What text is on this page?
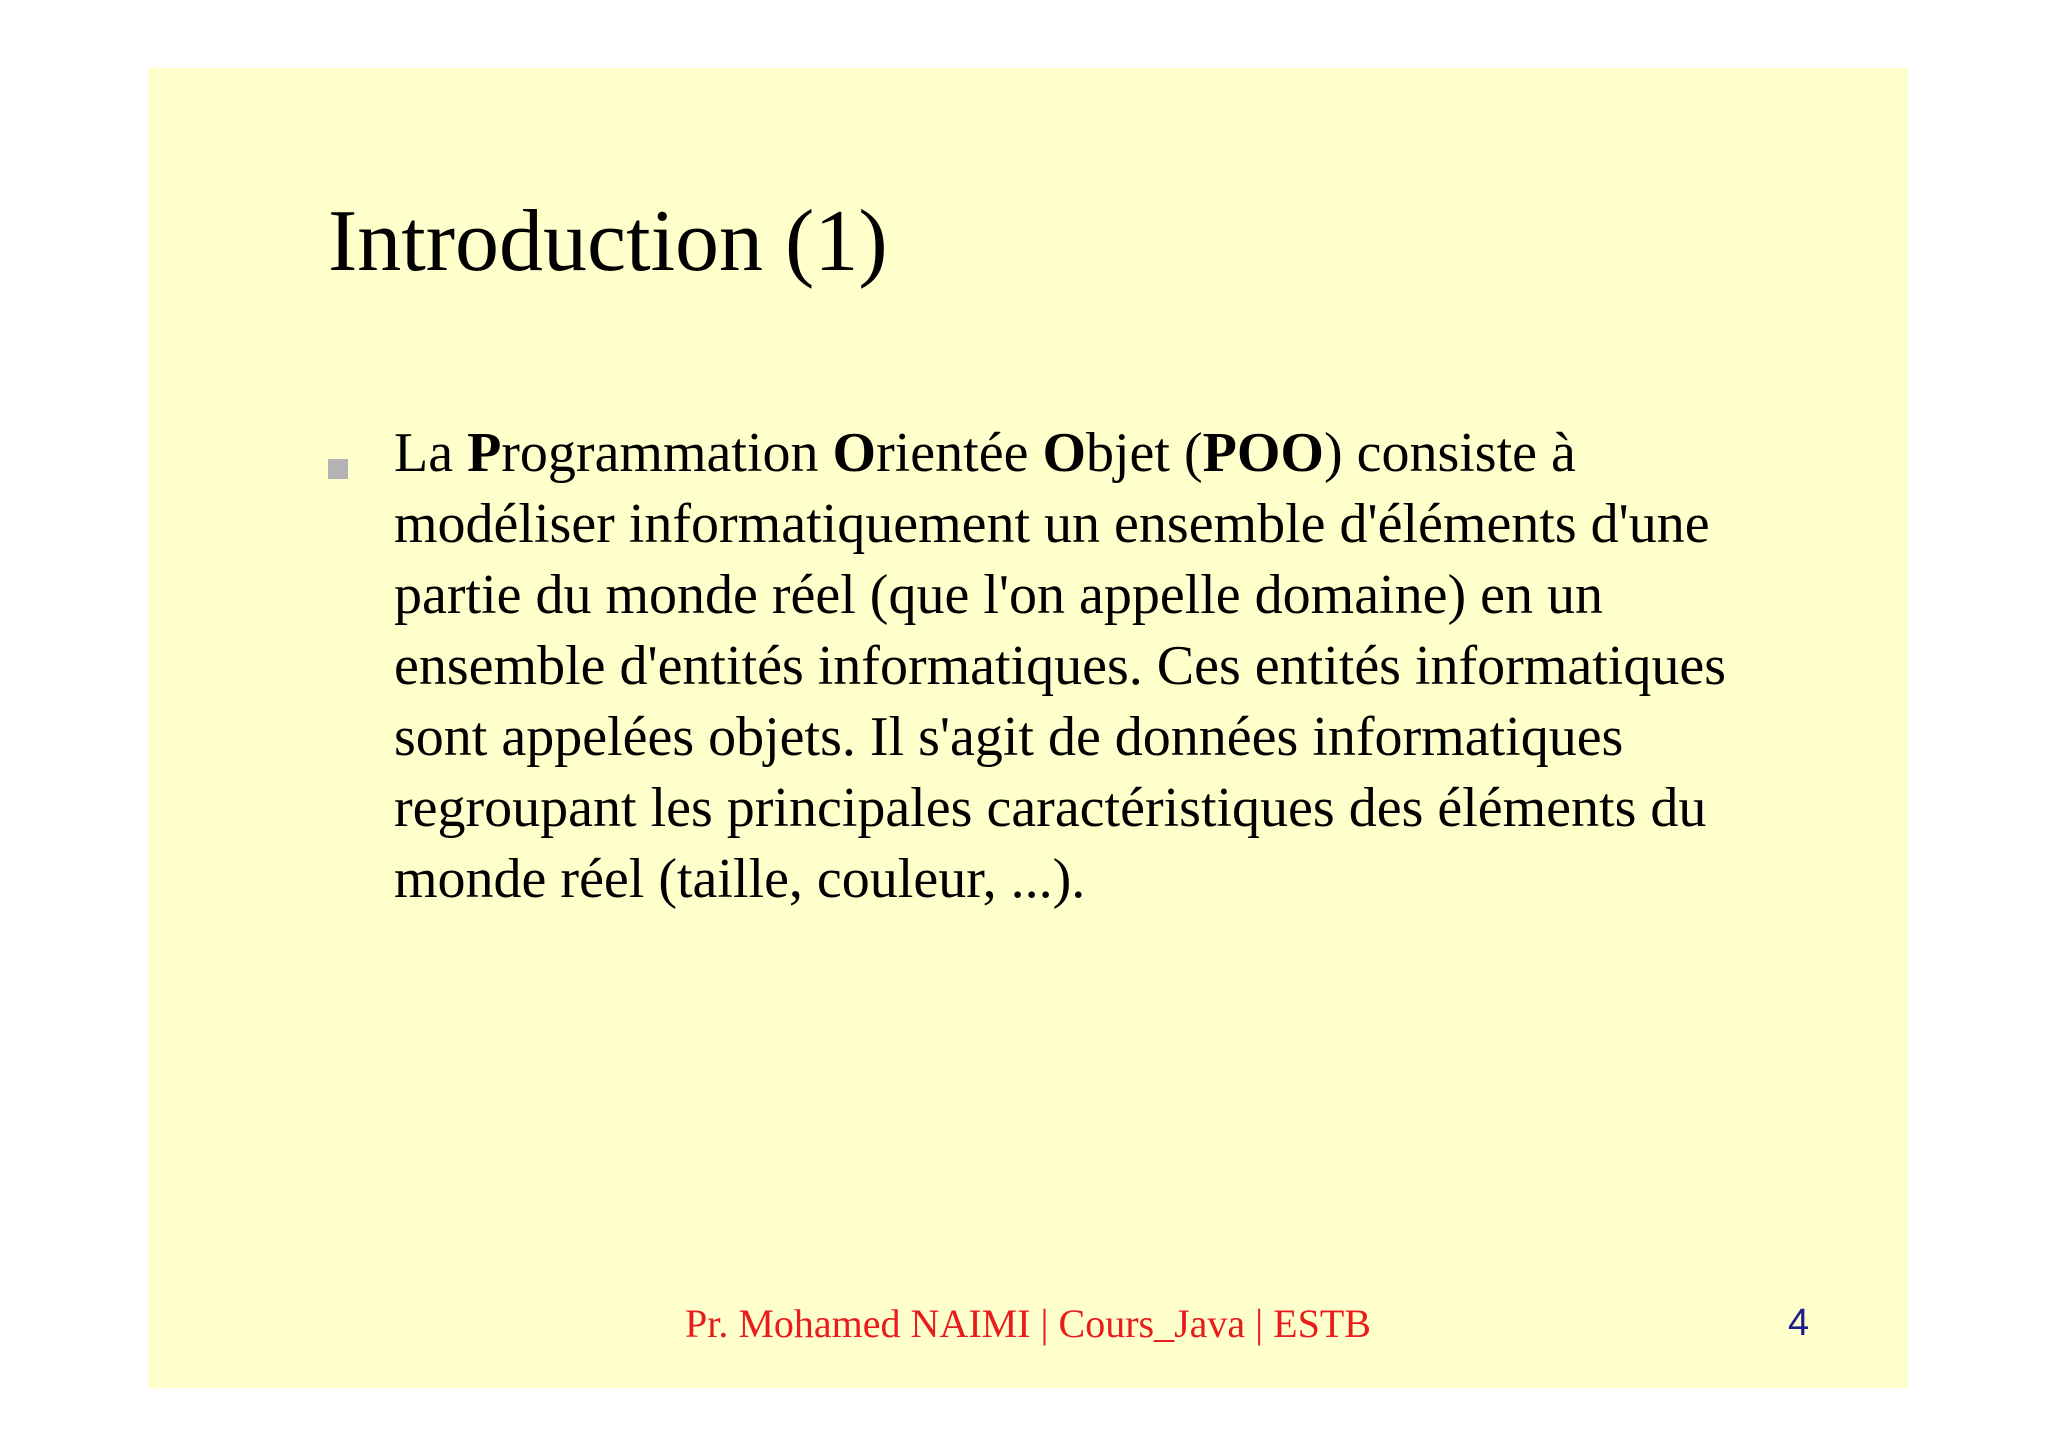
Introduction (1)

La Programmation Orientée Objet (POO) consiste à
modéliser informatiquement un ensemble d'éléments d'une
partie du monde réel (que l'on appelle domaine) en un
ensemble d'entités informatiques. Ces entités informatiques
sont appelées objets. Il s'agit de données informatiques
regroupant les principales caractéristiques des éléments du
monde réel (taille, couleur, ...).

Pr. Mohamed NAIMI | Cours_Java | ESTB	4
